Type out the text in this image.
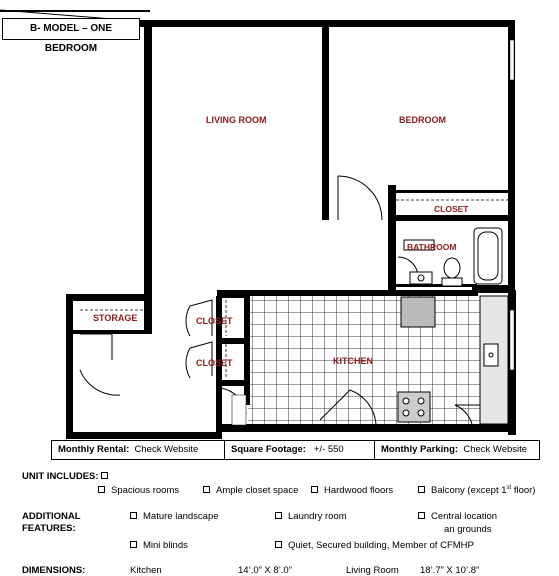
B- MODEL – ONE BEDROOM
LIVING ROOM	BEDROOM
CLOSET
BATHROOM
STORAGE	CLOSET
CLOSET	KITCHEN
Monthly Rental: Check Website	Square Footage: +/- 550	Monthly Parking: Check Website
UNIT INCLUDES:
Spacious rooms	Ample closet space	Hardwood floors	Balcony (except 1st floor)
ADDITIONAL
FEATURES:
Mature landscape	Laundry room	Central location
an grounds
Mini blinds	Quiet, Secured building, Member of CFMHP
DIMENSIONS:	Kitchen	14’.0” X 8’.0”	Living Room 18’.7” X 10’.8”
